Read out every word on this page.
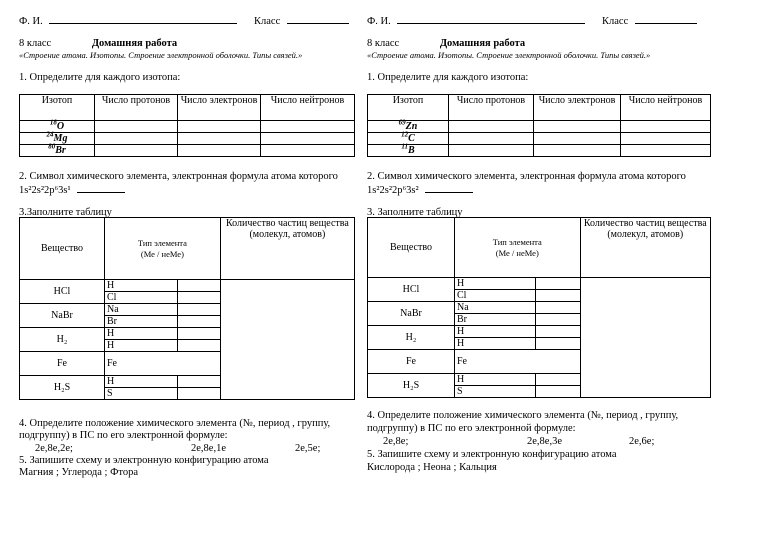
Ф. И.	Класс
8 класс	Домашняя работа
«Строение атома. Изотопы. Строение электронной оболочки. Типы связей.»
1. Определите для каждого изотопа:
Изотоп	Число протонов	Число электронов	Число нейтронов
$^{18}$O			
$^{24}$Mg			
$^{80}$Br			
2. Символ химического элемента, электронная формула атома которого
1s²2s²2p⁶3s¹
3.Заполните таблицу
Вещество	Тип элемента
(Ме / неМе)		Количество частиц вещества (молекул, атомов)
HCl	H		
	Cl		
NaBr	Na		
	Br		
H₂	H		
	H		
Fe	Fe		
H₂S	H		
	S		
4. Определите положение химического элемента (№, период , группу,
подгруппу) в ПС по его электронной формуле:
2е,8е,2е;	2е,8е,1е	2е,5е;
5. Запишите схему и электронную конфигурацию атома
Магния ; Углерода ; Фтора
Ф. И.	Класс
8 класс	Домашняя работа
«Строение атома. Изотопы. Строение электронной оболочки. Типы связей.»
1. Определите для каждого изотопа:
Изотоп	Число протонов	Число электронов	Число нейтронов
$^{69}$Zn			
$^{12}$C			
$^{11}$B			
2. Символ химического элемента, электронная формула атома которого
1s²2s²2p⁶3s²
3. Заполните таблицу
Вещество	Тип элемента
(Ме / неМе)		Количество частиц вещества (молекул, атомов)
HCl	H		
	Cl		
NaBr	Na		
	Br		
H₂	H		
	H		
Fe	Fe		
H₂S	H		
	S		
4. Определите положение химического элемента (№, период , группу,
подгруппу) в ПС по его электронной формуле:
2е,8е;	2е,8е,3е	2е,6е;
5. Запишите схему и электронную конфигурацию атома
Кислорода ; Неона ; Кальция
